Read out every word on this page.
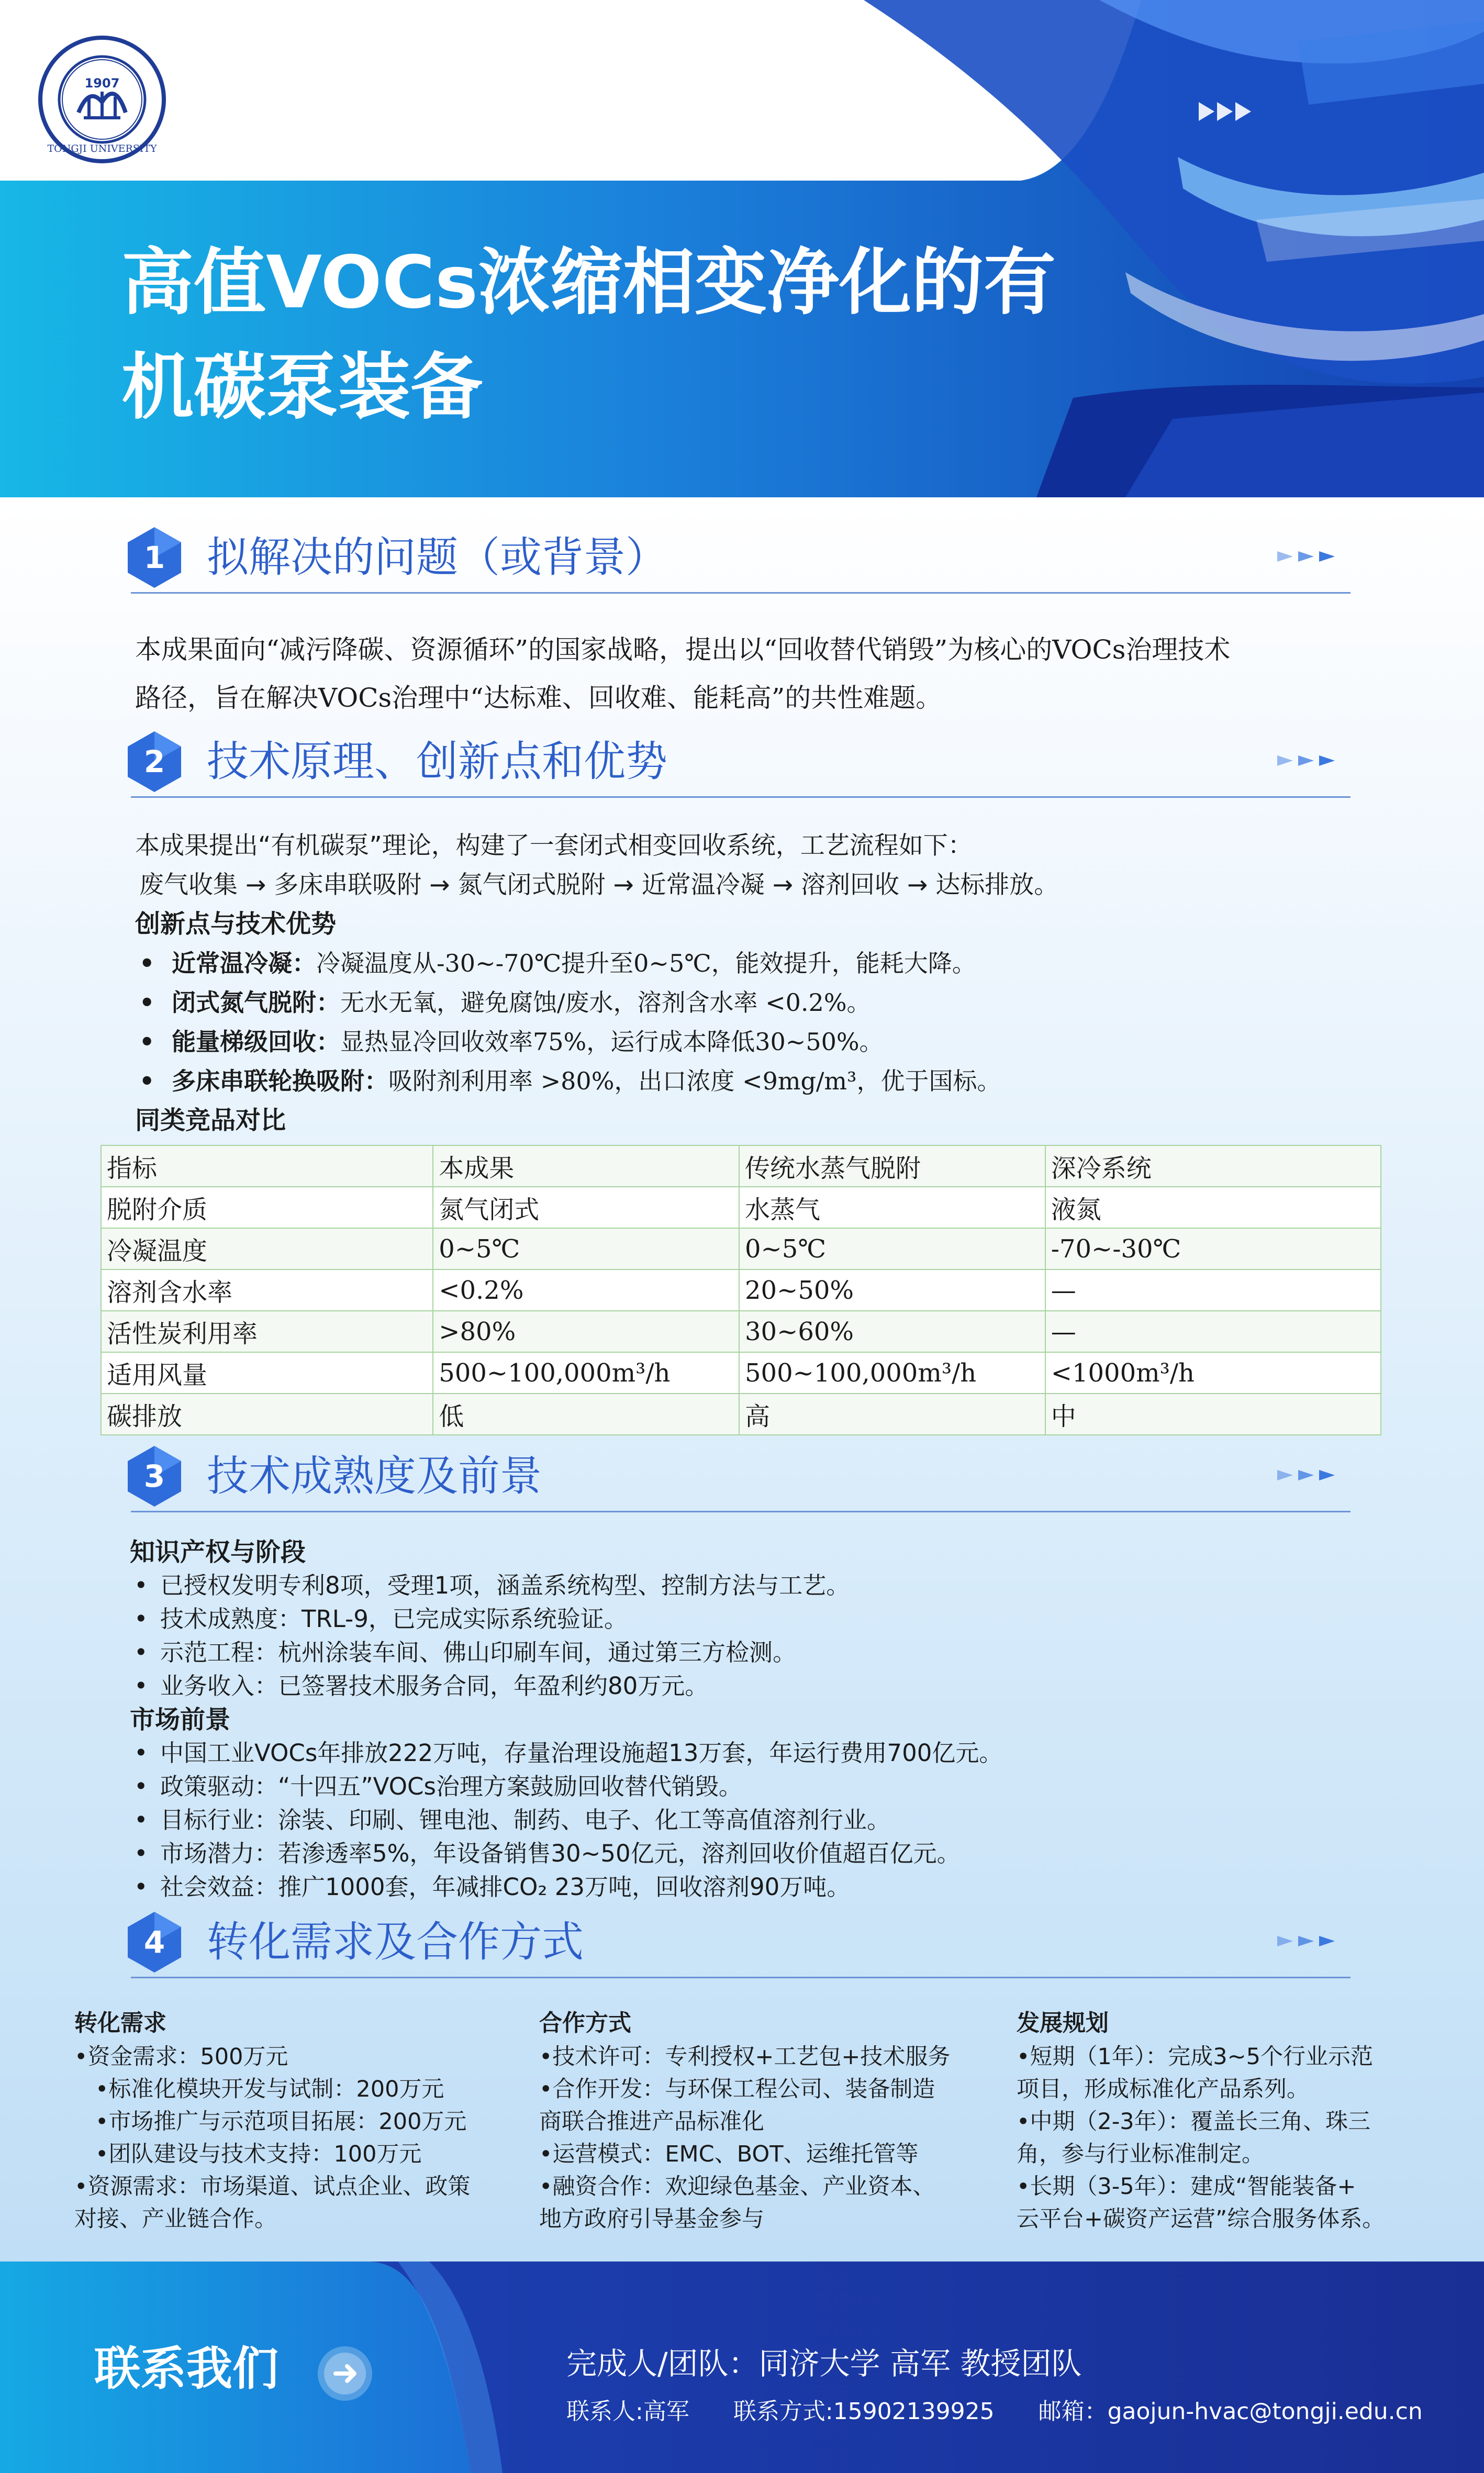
1907
TONGJI UNIVERSITY
高值VOCs浓缩相变净化的有
机碳泵装备
1 拟解决的问题（或背景）
本成果面向“减污降碳、资源循环”的国家战略，提出以“回收替代销毁”为核心的VOCs治理技术
路径，旨在解决VOCs治理中“达标难、回收难、能耗高”的共性难题。
2 技术原理、创新点和优势
本成果提出“有机碳泵”理论，构建了一套闭式相变回收系统，工艺流程如下：
废气收集 → 多床串联吸附 → 氮气闭式脱附 → 近常温冷凝 → 溶剂回收 → 达标排放。
创新点与技术优势
• 近常温冷凝：冷凝温度从-30~-70℃提升至0~5℃，能效提升，能耗大降。
• 闭式氮气脱附：无水无氧，避免腐蚀/废水，溶剂含水率 <0.2%。
• 能量梯级回收：显热显冷回收效率75%，运行成本降低30~50%。
• 多床串联轮换吸附：吸附剂利用率 >80%，出口浓度 <9mg/m³，优于国标。
同类竞品对比
指标	本成果	传统水蒸气脱附	深冷系统
脱附介质	氮气闭式	水蒸气	液氮
冷凝温度	0~5℃	0~5℃	-70~-30℃
溶剂含水率	<0.2%	20~50%	—
活性炭利用率	>80%	30~60%	—
适用风量	500~100,000m³/h	500~100,000m³/h	<1000m³/h
碳排放	低	高	中
3 技术成熟度及前景
知识产权与阶段
• 已授权发明专利8项，受理1项，涵盖系统构型、控制方法与工艺。
• 技术成熟度：TRL-9，已完成实际系统验证。
• 示范工程：杭州涂装车间、佛山印刷车间，通过第三方检测。
• 业务收入：已签署技术服务合同，年盈利约80万元。
市场前景
• 中国工业VOCs年排放222万吨，存量治理设施超13万套，年运行费用700亿元。
• 政策驱动：“十四五”VOCs治理方案鼓励回收替代销毁。
• 目标行业：涂装、印刷、锂电池、制药、电子、化工等高值溶剂行业。
• 市场潜力：若渗透率5%，年设备销售30~50亿元，溶剂回收价值超百亿元。
• 社会效益：推广1000套，年减排CO₂ 23万吨，回收溶剂90万吨。
4 转化需求及合作方式
转化需求
•资金需求：500万元
•标准化模块开发与试制：200万元
•市场推广与示范项目拓展：200万元
•团队建设与技术支持：100万元
•资源需求：市场渠道、试点企业、政策
对接、产业链合作。
合作方式
•技术许可：专利授权+工艺包+技术服务
•合作开发：与环保工程公司、装备制造
商联合推进产品标准化
•运营模式：EMC、BOT、运维托管等
•融资合作：欢迎绿色基金、产业资本、
地方政府引导基金参与
发展规划
•短期（1年）：完成3~5个行业示范
项目，形成标准化产品系列。
•中期（2-3年）：覆盖长三角、珠三
角，参与行业标准制定。
•长期（3-5年）：建成“智能装备+
云平台+碳资产运营”综合服务体系。
联系我们	完成人/团队：同济大学 高军 教授团队
联系人:高军 联系方式:15902139925 邮箱：gaojun-hvac@tongji.edu.cn
